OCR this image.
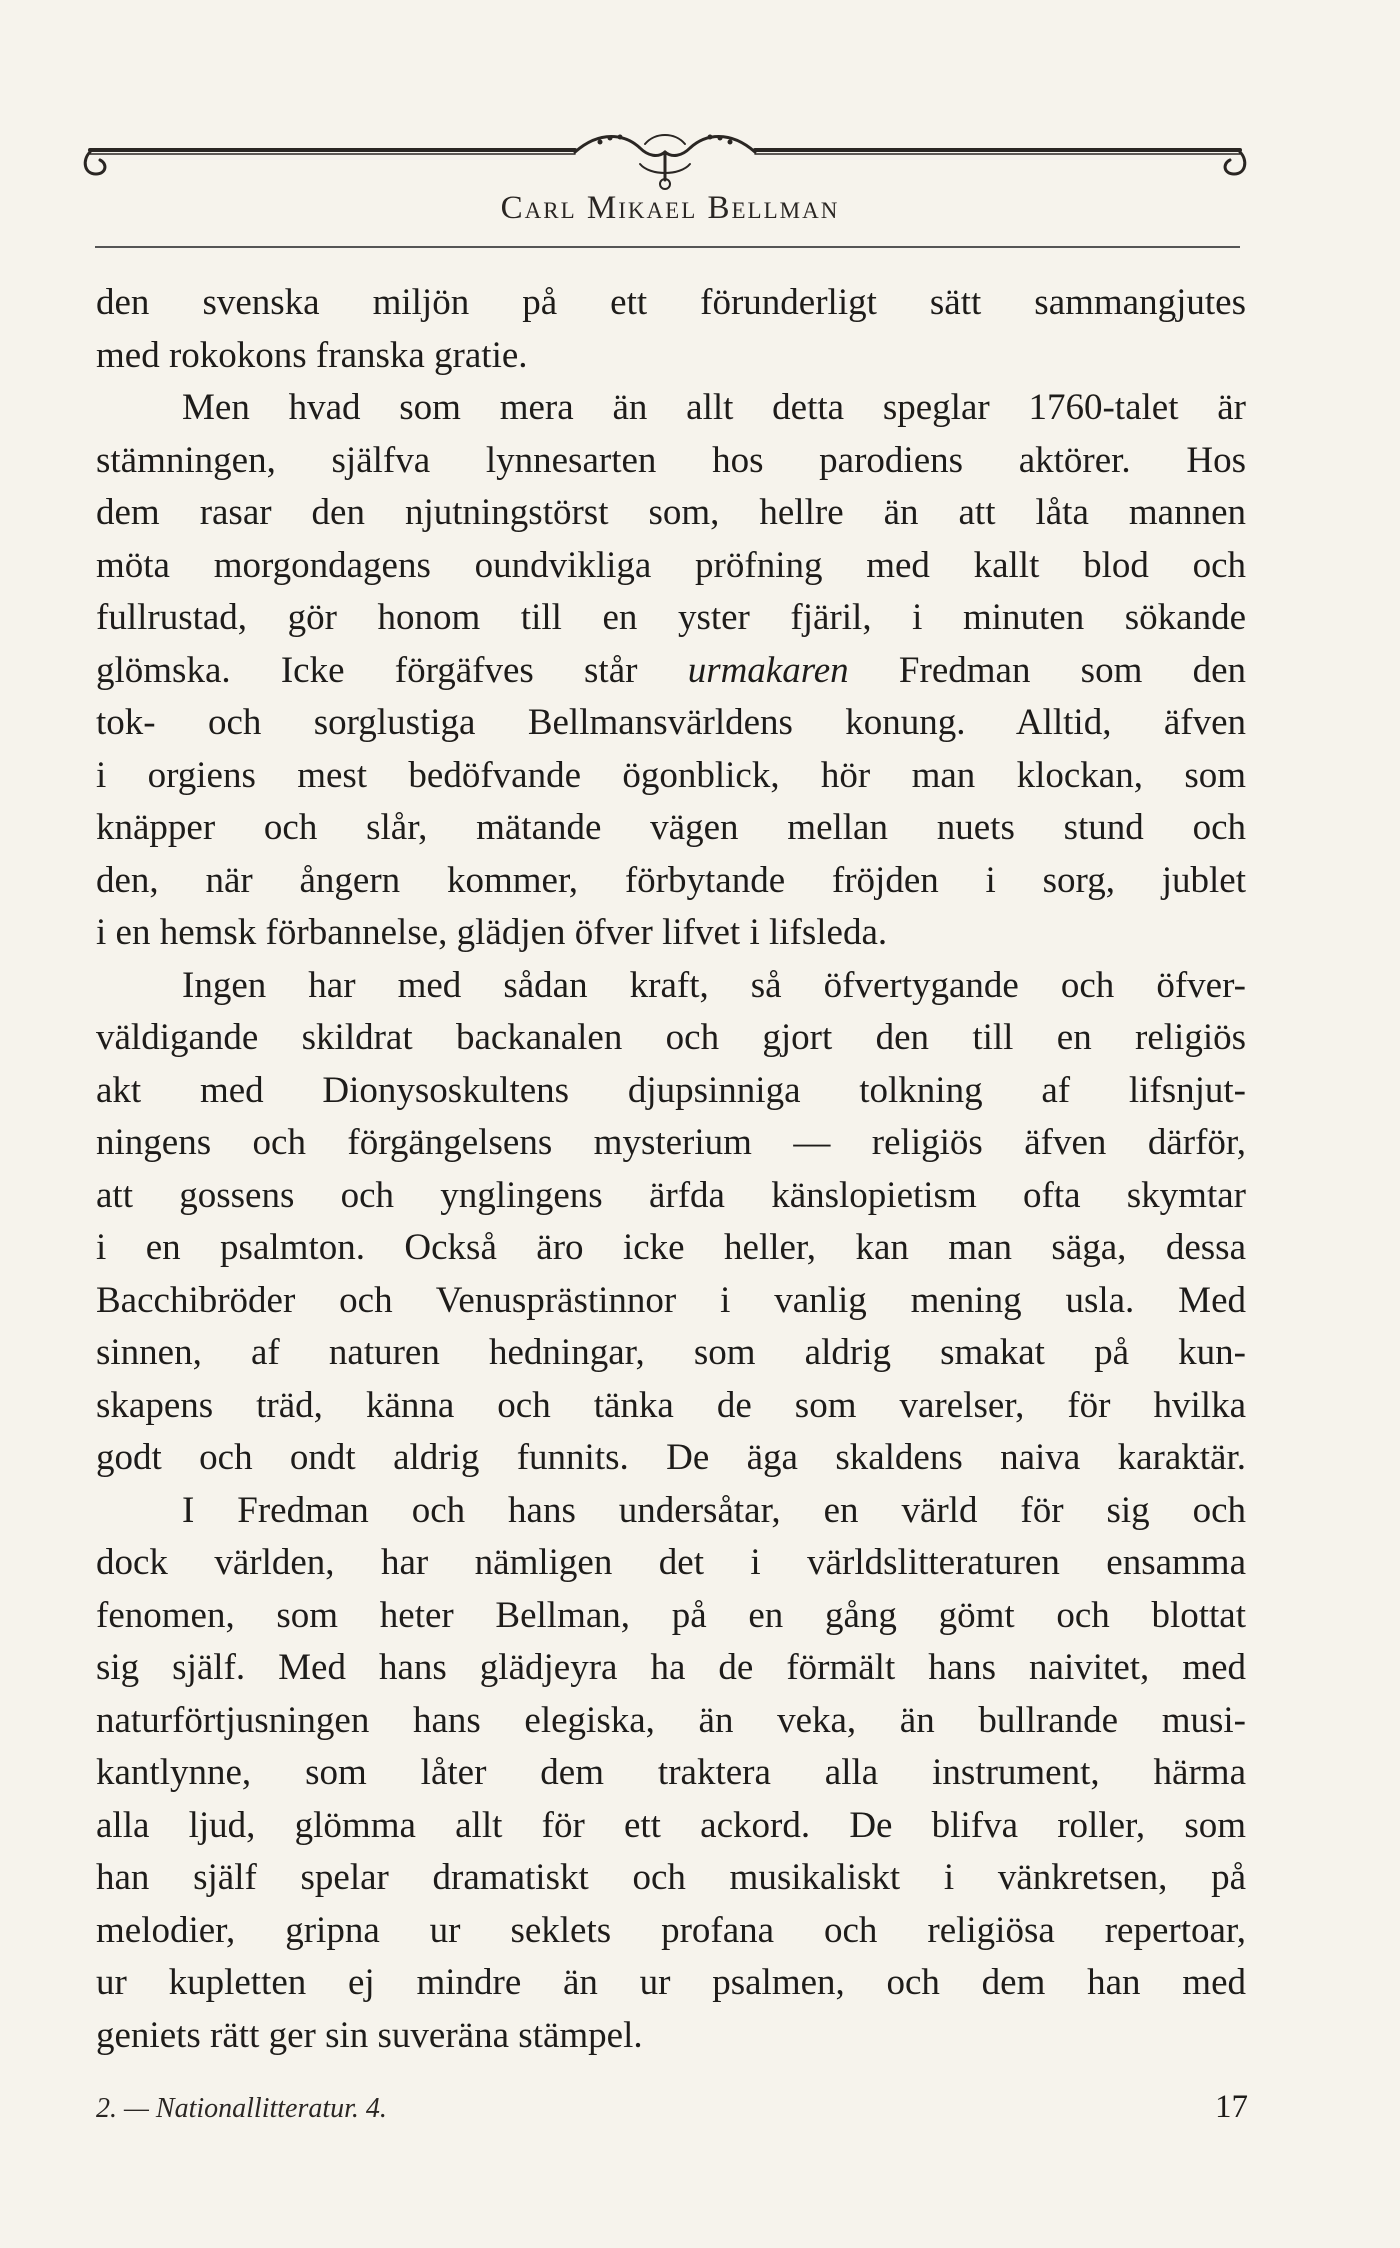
Carl Mikael Bellman
den svenska miljön på ett förunderligt sätt sammangjutes
med rokokons franska gratie.
Men hvad som mera än allt detta speglar 1760-talet är
stämningen, själfva lynnesarten hos parodiens aktörer. Hos
dem rasar den njutningstörst som, hellre än att låta mannen
möta morgondagens oundvikliga pröfning med kallt blod och
fullrustad, gör honom till en yster fjäril, i minuten sökande
glömska. Icke förgäfves står urmakaren Fredman som den
tok- och sorglustiga Bellmansvärldens konung. Alltid, äfven
i orgiens mest bedöfvande ögonblick, hör man klockan, som
knäpper och slår, mätande vägen mellan nuets stund och
den, när ångern kommer, förbytande fröjden i sorg, jublet
i en hemsk förbannelse, glädjen öfver lifvet i lifsleda.
Ingen har med sådan kraft, så öfvertygande och öfver-
väldigande skildrat backanalen och gjort den till en religiös
akt med Dionysoskultens djupsinniga tolkning af lifsnjut-
ningens och förgängelsens mysterium — religiös äfven därför,
att gossens och ynglingens ärfda känslopietism ofta skymtar
i en psalmton. Också äro icke heller, kan man säga, dessa
Bacchibröder och Venusprästinnor i vanlig mening usla. Med
sinnen, af naturen hedningar, som aldrig smakat på kun-
skapens träd, känna och tänka de som varelser, för hvilka
godt och ondt aldrig funnits. De äga skaldens naiva karaktär.
I Fredman och hans undersåtar, en värld för sig och
dock världen, har nämligen det i världslitteraturen ensamma
fenomen, som heter Bellman, på en gång gömt och blottat
sig själf. Med hans glädjeyra ha de förmält hans naivitet, med
naturförtjusningen hans elegiska, än veka, än bullrande musi-
kantlynne, som låter dem traktera alla instrument, härma
alla ljud, glömma allt för ett ackord. De blifva roller, som
han själf spelar dramatiskt och musikaliskt i vänkretsen, på
melodier, gripna ur seklets profana och religiösa repertoar,
ur kupletten ej mindre än ur psalmen, och dem han med
geniets rätt ger sin suveräna stämpel.
2. — Nationallitteratur. 4.	17
